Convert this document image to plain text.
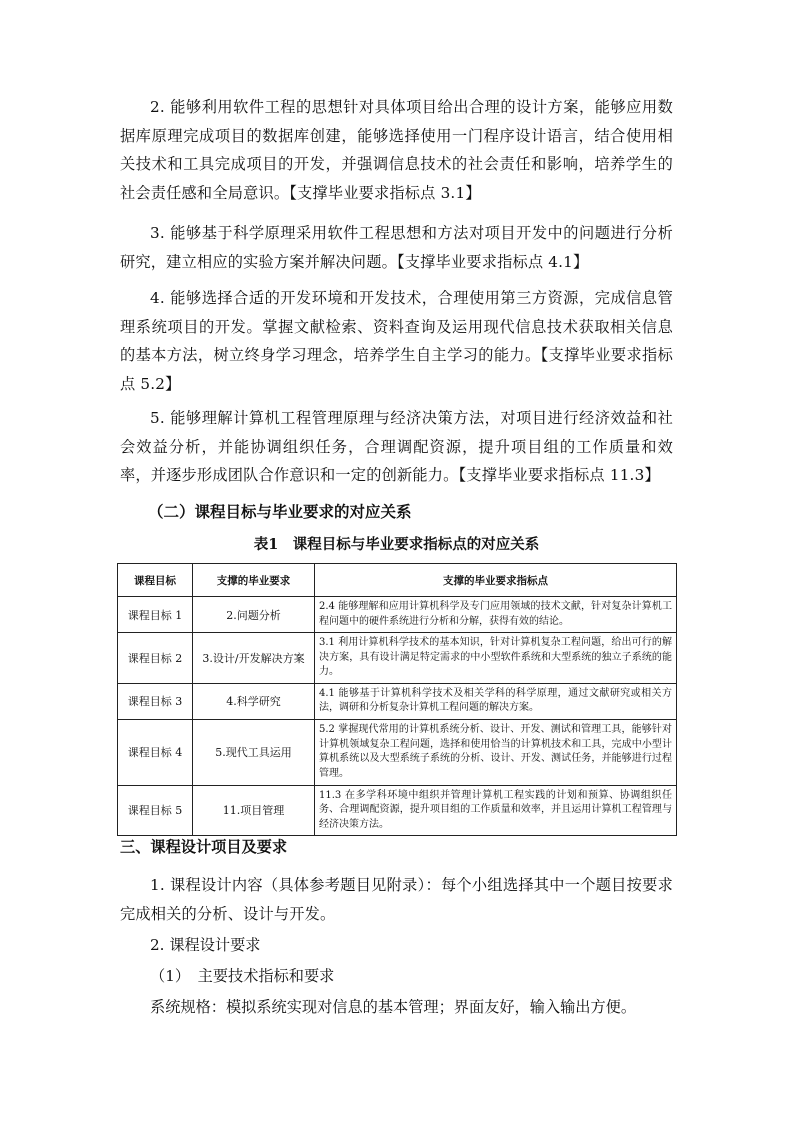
2. 能够利用软件工程的思想针对具体项目给出合理的设计方案，能够应用数据库原理完成项目的数据库创建，能够选择使用一门程序设计语言，结合使用相关技术和工具完成项目的开发，并强调信息技术的社会责任和影响，培养学生的社会责任感和全局意识。【支撑毕业要求指标点 3.1】

3. 能够基于科学原理采用软件工程思想和方法对项目开发中的问题进行分析研究，建立相应的实验方案并解决问题。【支撑毕业要求指标点 4.1】

4. 能够选择合适的开发环境和开发技术，合理使用第三方资源，完成信息管理系统项目的开发。掌握文献检索、资料查询及运用现代信息技术获取相关信息的基本方法，树立终身学习理念，培养学生自主学习的能力。【支撑毕业要求指标点 5.2】

5. 能够理解计算机工程管理原理与经济决策方法，对项目进行经济效益和社会效益分析，并能协调组织任务，合理调配资源，提升项目组的工作质量和效率，并逐步形成团队合作意识和一定的创新能力。【支撑毕业要求指标点 11.3】

（二）课程目标与毕业要求的对应关系

表1　课程目标与毕业要求指标点的对应关系

课程目标	支撑的毕业要求	支撑的毕业要求指标点
课程目标 1	2.问题分析	2.4 能够理解和应用计算机科学及专门应用领域的技术文献，针对复杂计算机工程问题中的硬件系统进行分析和分解，获得有效的结论。
课程目标 2	3.设计/开发解决方案	3.1 利用计算机科学技术的基本知识，针对计算机复杂工程问题，给出可行的解决方案，具有设计满足特定需求的中小型软件系统和大型系统的独立子系统的能力。
课程目标 3	4.科学研究	4.1 能够基于计算机科学技术及相关学科的科学原理，通过文献研究或相关方法，调研和分析复杂计算机工程问题的解决方案。
课程目标 4	5.现代工具运用	5.2 掌握现代常用的计算机系统分析、设计、开发、测试和管理工具，能够针对计算机领域复杂工程问题，选择和使用恰当的计算机技术和工具，完成中小型计算机系统以及大型系统子系统的分析、设计、开发、测试任务，并能够进行过程管理。
课程目标 5	11.项目管理	11.3 在多学科环境中组织并管理计算机工程实践的计划和预算、协调组织任务、合理调配资源，提升项目组的工作质量和效率，并且运用计算机工程管理与经济决策方法。

三、课程设计项目及要求

1. 课程设计内容（具体参考题目见附录）：每个小组选择其中一个题目按要求完成相关的分析、设计与开发。

2. 课程设计要求

（1）　主要技术指标和要求

系统规格：模拟系统实现对信息的基本管理；界面友好，输入输出方便。
